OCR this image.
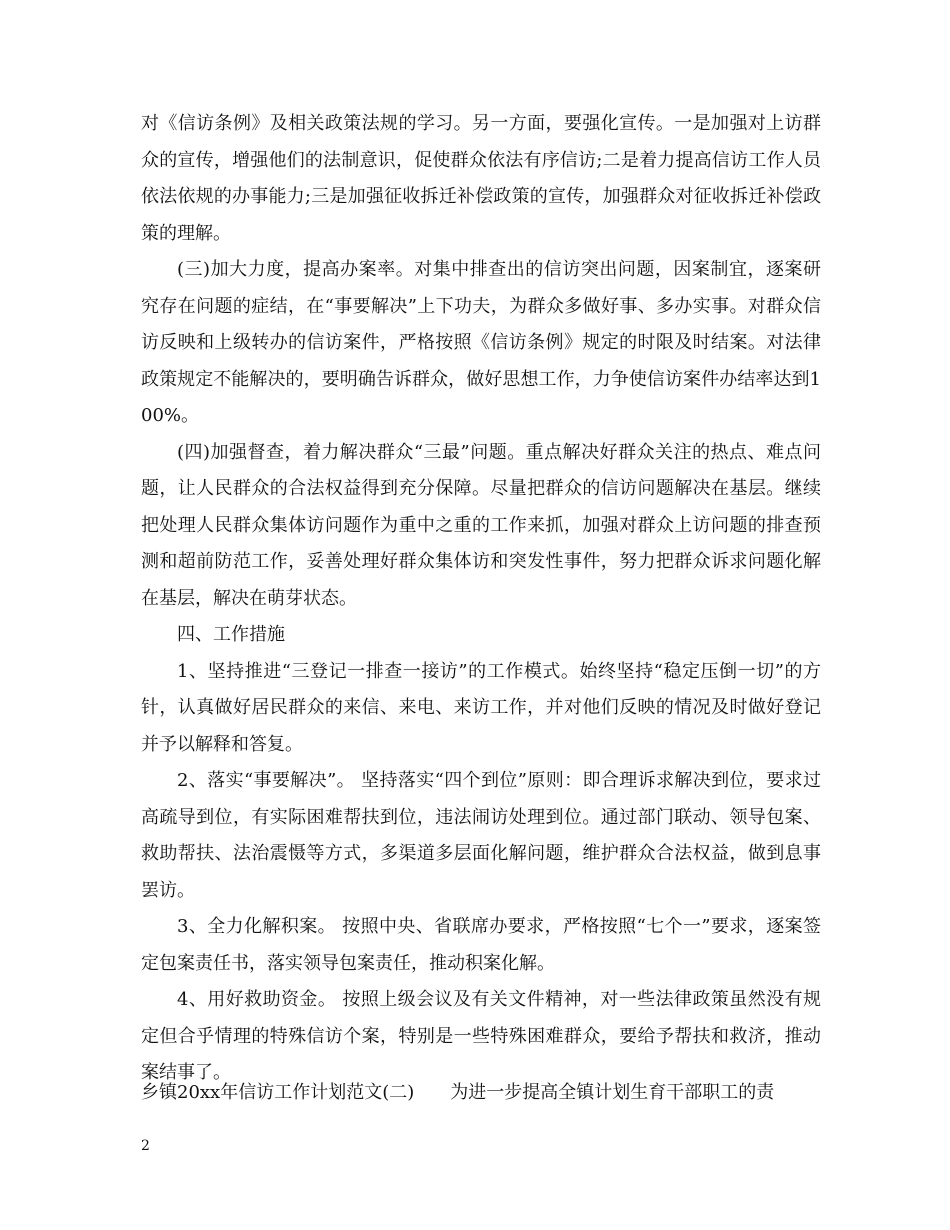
对《信访条例》及相关政策法规的学习。另一方面，要强化宣传。一是加强对上访群众的宣传，增强他们的法制意识，促使群众依法有序信访;二是着力提高信访工作人员依法依规的办事能力;三是加强征收拆迁补偿政策的宣传，加强群众对征收拆迁补偿政策的理解。

(三)加大力度，提高办案率。对集中排查出的信访突出问题，因案制宜，逐案研究存在问题的症结，在“事要解决”上下功夫，为群众多做好事、多办实事。对群众信访反映和上级转办的信访案件，严格按照《信访条例》规定的时限及时结案。对法律政策规定不能解决的，要明确告诉群众，做好思想工作，力争使信访案件办结率达到100%。

(四)加强督查，着力解决群众“三最”问题。重点解决好群众关注的热点、难点问题，让人民群众的合法权益得到充分保障。尽量把群众的信访问题解决在基层。继续把处理人民群众集体访问题作为重中之重的工作来抓，加强对群众上访问题的排查预测和超前防范工作，妥善处理好群众集体访和突发性事件，努力把群众诉求问题化解在基层，解决在萌芽状态。

四、工作措施

1、坚持推进“三登记一排查一接访”的工作模式。始终坚持“稳定压倒一切”的方针，认真做好居民群众的来信、来电、来访工作，并对他们反映的情况及时做好登记并予以解释和答复。

2、落实“事要解决”。 坚持落实“四个到位”原则：即合理诉求解决到位，要求过高疏导到位，有实际困难帮扶到位，违法闹访处理到位。通过部门联动、领导包案、救助帮扶、法治震慑等方式，多渠道多层面化解问题，维护群众合法权益，做到息事罢访。

3、全力化解积案。 按照中央、省联席办要求，严格按照“七个一”要求，逐案签定包案责任书，落实领导包案责任，推动积案化解。

4、用好救助资金。 按照上级会议及有关文件精神，对一些法律政策虽然没有规定但合乎情理的特殊信访个案，特别是一些特殊困难群众，要给予帮扶和救济，推动案结事了。

乡镇20xx年信访工作计划范文(二) 为进一步提高全镇计划生育干部职工的责
2
